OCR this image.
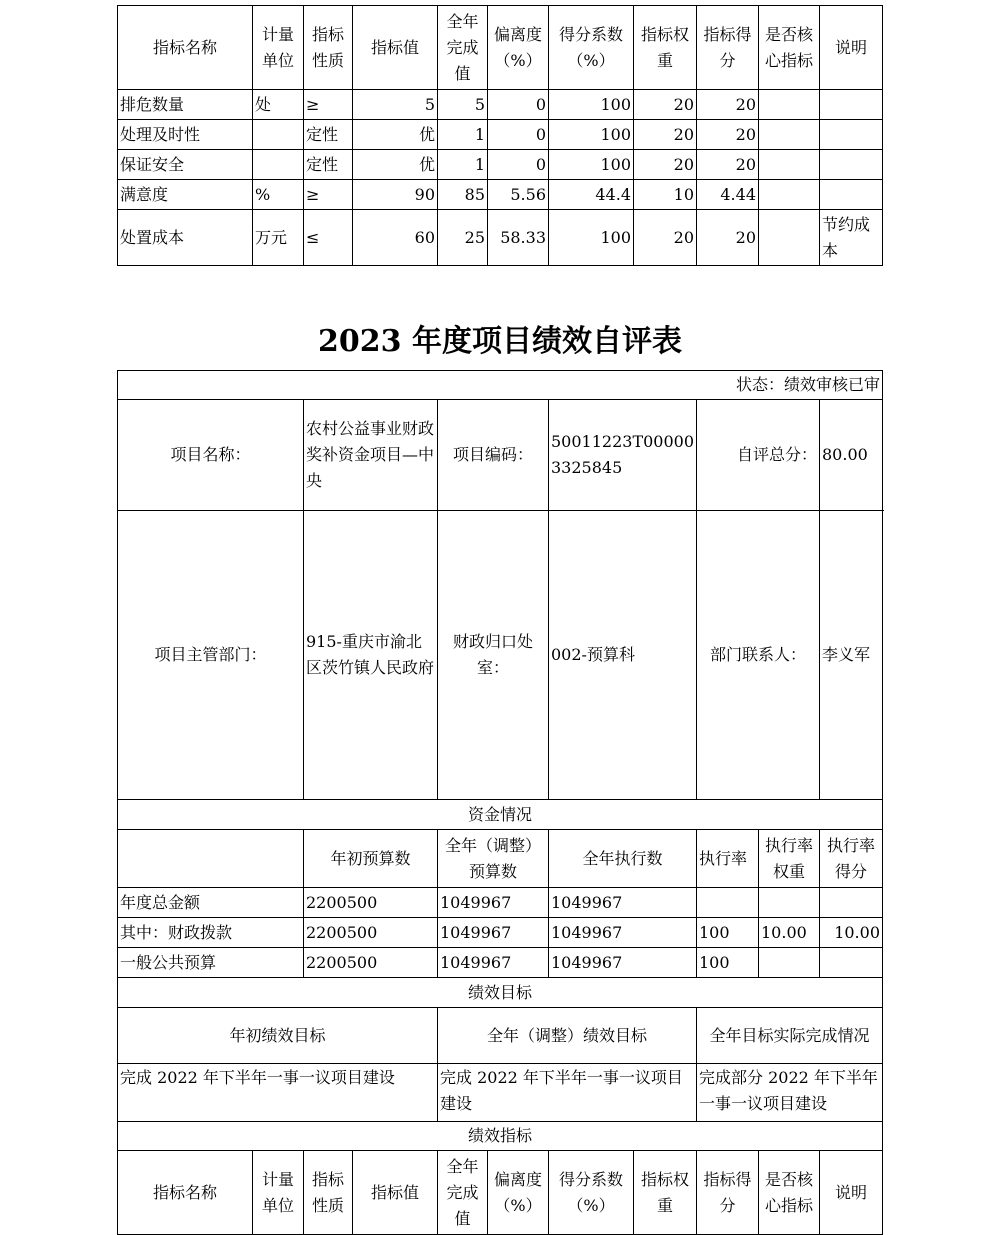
指标名称	计量单位	指标性质	指标值	全年完成值	偏离度（%）	得分系数（%）	指标权重	指标得分	是否核心指标	说明
排危数量	处	≥	5	5	0	100	20	20		
处理及时性		定性	优	1	0	100	20	20		
保证安全		定性	优	1	0	100	20	20		
满意度	%	≥	90	85	5.56	44.4	10	4.44		
处置成本	万元	≤	60	25	58.33	100	20	20		节约成本
2023 年度项目绩效自评表
状态：绩效审核已审											
项目名称：		农村公益事业财政奖补资金项目—中央		项目编码：		50011223T000003325845		自评总分：		80.00			
项目主管部门：		915-重庆市渝北区茨竹镇人民政府		财政归口处室：		002-预算科		部门联系人：		李义军		
资金情况											
		年初预算数		全年（调整）预算数		全年执行数		执行率	执行率权重	执行率得分	
年度总金额		2200500		1049967		1049967					
其中：财政拨款		2200500		1049967		1049967		100	10.00	10.00	
一般公共预算		2200500		1049967		1049967		100			
绩效目标											
年初绩效目标				全年（调整）绩效目标				全年目标实际完成情况			
完成 2022 年下半年一事一议项目建设				完成 2022 年下半年一事一议项目建设				完成部分 2022 年下半年一事一议项目建设			
绩效指标											
指标名称	计量单位	指标性质	指标值	全年完成值	偏离度（%）	得分系数（%）	指标权重	指标得分	是否核心指标	说明	
